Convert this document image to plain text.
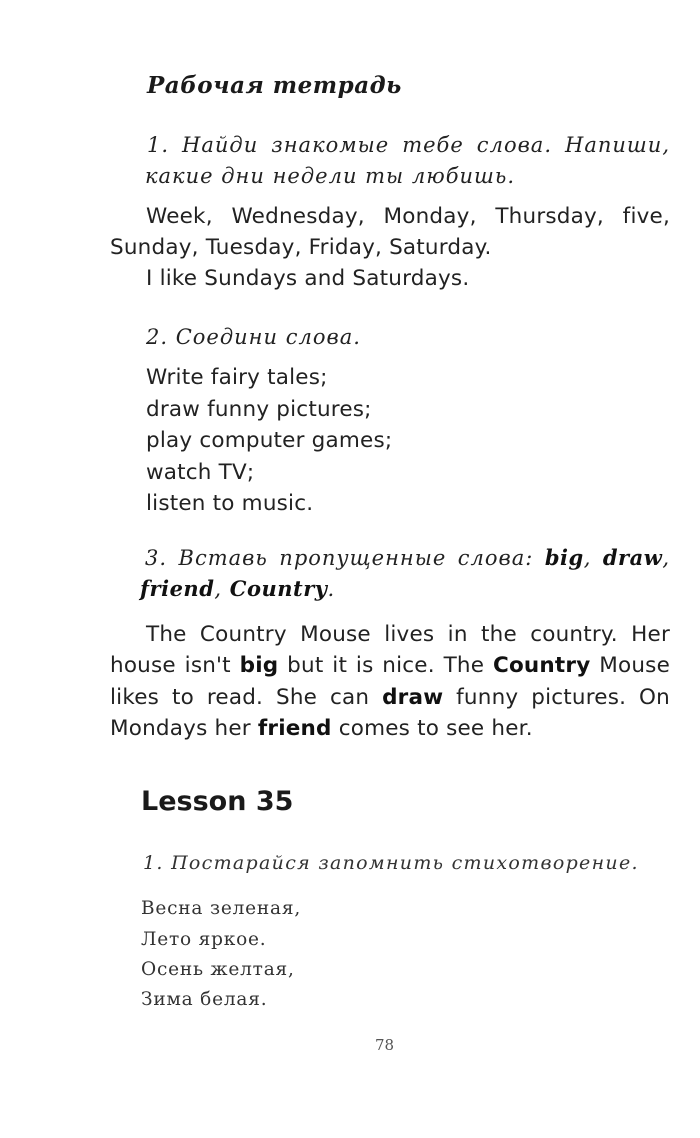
Рабочая тетрадь
1. Найди знакомые тебе слова. Напиши,
какие дни недели ты любишь.
Week, Wednesday, Monday, Thursday, five,
Sunday, Tuesday, Friday, Saturday.
I like Sundays and Saturdays.
2. Соедини слова.
Write fairy tales;
draw funny pictures;
play computer games;
watch TV;
listen to music.
3. Вставь пропущенные слова: big, draw,
friend, Country.
The Country Mouse lives in the country. Her
house isn't big but it is nice. The Country Mouse
likes to read. She can draw funny pictures. On
Mondays her friend comes to see her.
Lesson 35
1. Постарайся запомнить стихотворение.
Весна зеленая,
Лето яркое.
Осень желтая,
Зима белая.
78
